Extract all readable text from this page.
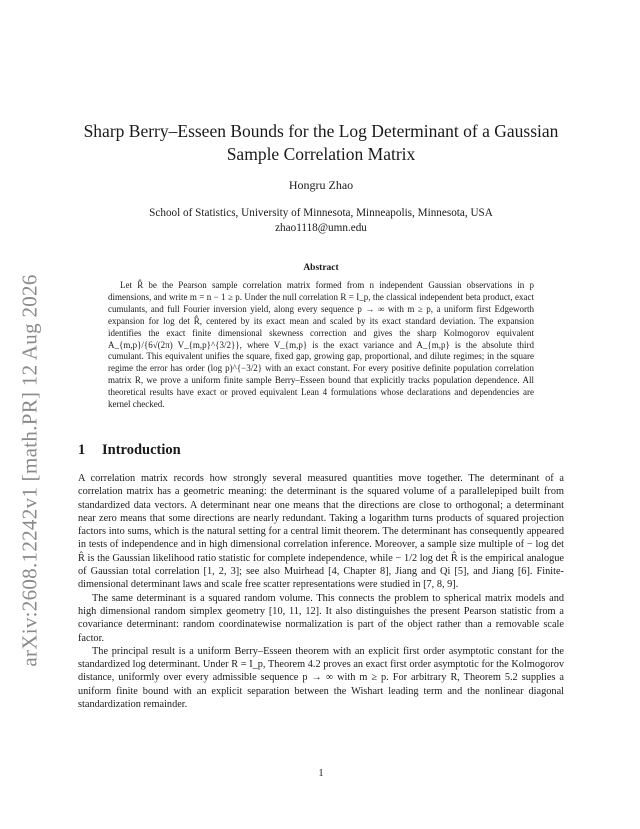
arXiv:2608.12242v1 [math.PR] 12 Aug 2026
Sharp Berry–Esseen Bounds for the Log Determinant of a Gaussian Sample Correlation Matrix
Hongru Zhao
School of Statistics, University of Minnesota, Minneapolis, Minnesota, USA
zhao1118@umn.edu
Abstract

Let R̂ be the Pearson sample correlation matrix formed from n independent Gaussian observations in p dimensions, and write m = n − 1 ≥ p. Under the null correlation R = I_p, the classical independent beta product, exact cumulants, and full Fourier inversion yield, along every sequence p → ∞ with m ≥ p, a uniform first Edgeworth expansion for log det R̂, centered by its exact mean and scaled by its exact standard deviation. The expansion identifies the exact finite dimensional skewness correction and gives the sharp Kolmogorov equivalent A_{m,p}/{6√(2π) V_{m,p}^{3/2}}, where V_{m,p} is the exact variance and A_{m,p} is the absolute third cumulant. This equivalent unifies the square, fixed gap, growing gap, proportional, and dilute regimes; in the square regime the error has order (log p)^{−3/2} with an exact constant. For every positive definite population correlation matrix R, we prove a uniform finite sample Berry–Esseen bound that explicitly tracks population dependence. All theoretical results have exact or proved equivalent Lean 4 formulations whose declarations and dependencies are kernel checked.

1 Introduction

A correlation matrix records how strongly several measured quantities move together. The determinant of a correlation matrix has a geometric meaning: the determinant is the squared volume of a parallelepiped built from standardized data vectors. A determinant near one means that the directions are close to orthogonal; a determinant near zero means that some directions are nearly redundant. Taking a logarithm turns products of squared projection factors into sums, which is the natural setting for a central limit theorem. The determinant has consequently appeared in tests of independence and in high dimensional correlation inference. Moreover, a sample size multiple of − log det R̂ is the Gaussian likelihood ratio statistic for complete independence, while − 1/2 log det R̂ is the empirical analogue of Gaussian total correlation [1, 2, 3]; see also Muirhead [4, Chapter 8], Jiang and Qi [5], and Jiang [6]. Finite-dimensional determinant laws and scale free scatter representations were studied in [7, 8, 9].

The same determinant is a squared random volume. This connects the problem to spherical matrix models and high dimensional random simplex geometry [10, 11, 12]. It also distinguishes the present Pearson statistic from a covariance determinant: random coordinatewise normalization is part of the object rather than a removable scale factor.

The principal result is a uniform Berry–Esseen theorem with an explicit first order asymptotic constant for the standardized log determinant. Under R = I_p, Theorem 4.2 proves an exact first order asymptotic for the Kolmogorov distance, uniformly over every admissible sequence p → ∞ with m ≥ p. For arbitrary R, Theorem 5.2 supplies a uniform finite bound with an explicit separation between the Wishart leading term and the nonlinear diagonal standardization remainder.

1
